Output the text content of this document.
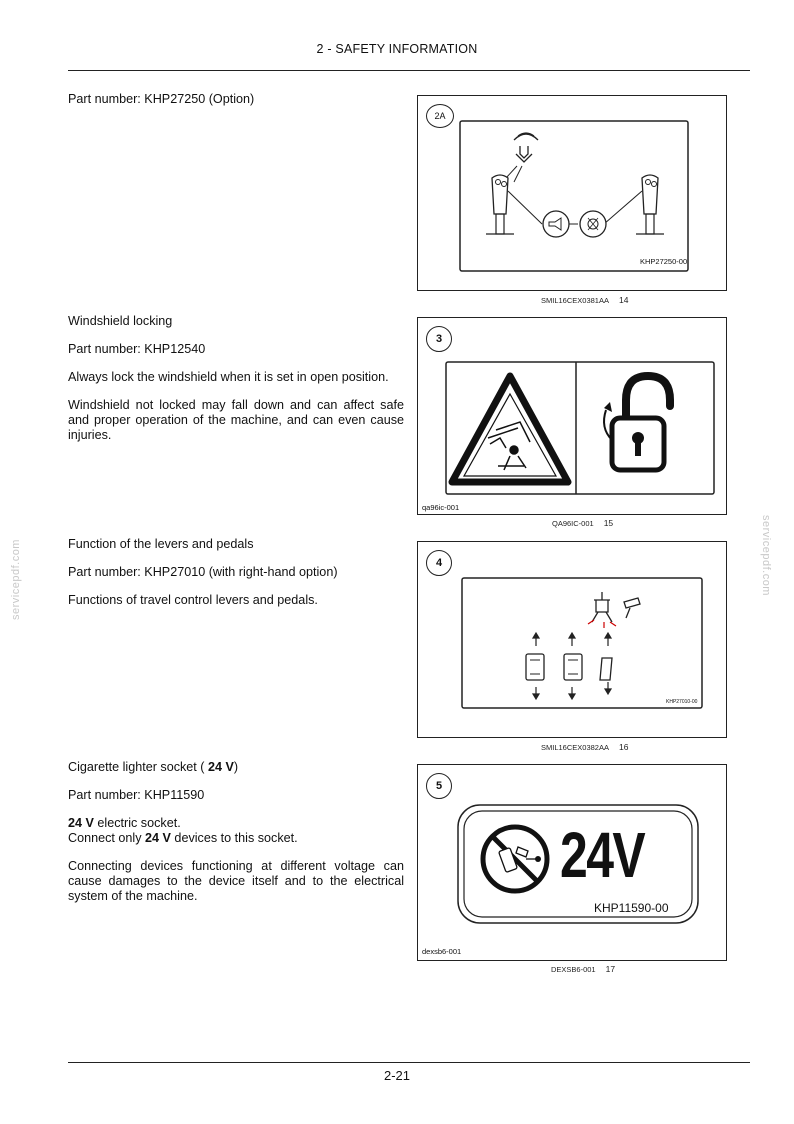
2 - SAFETY INFORMATION
servicepdf.com	servicepdf.com

Part number: KHP27250 (Option)

2A
KHP27250-00
SMIL16CEX0381AA 14

Windshield locking

Part number: KHP12540

Always lock the windshield when it is set in open position.

Windshield not locked may fall down and can affect safe and proper operation of the machine, and can even cause injuries.

3
qa96ic-001
QA96IC-001 15

Function of the levers and pedals

Part number: KHP27010 (with right-hand option)

Functions of travel control levers and pedals.

4
KHP27010-00
SMIL16CEX0382AA 16

Cigarette lighter socket ( 24 V)

Part number: KHP11590

24 V electric socket.
Connect only 24 V devices to this socket.

Connecting devices functioning at different voltage can cause damages to the device itself and to the electrical system of the machine.

5
24V
KHP11590-00
dexsb6-001
DEXSB6-001 17
2-21
